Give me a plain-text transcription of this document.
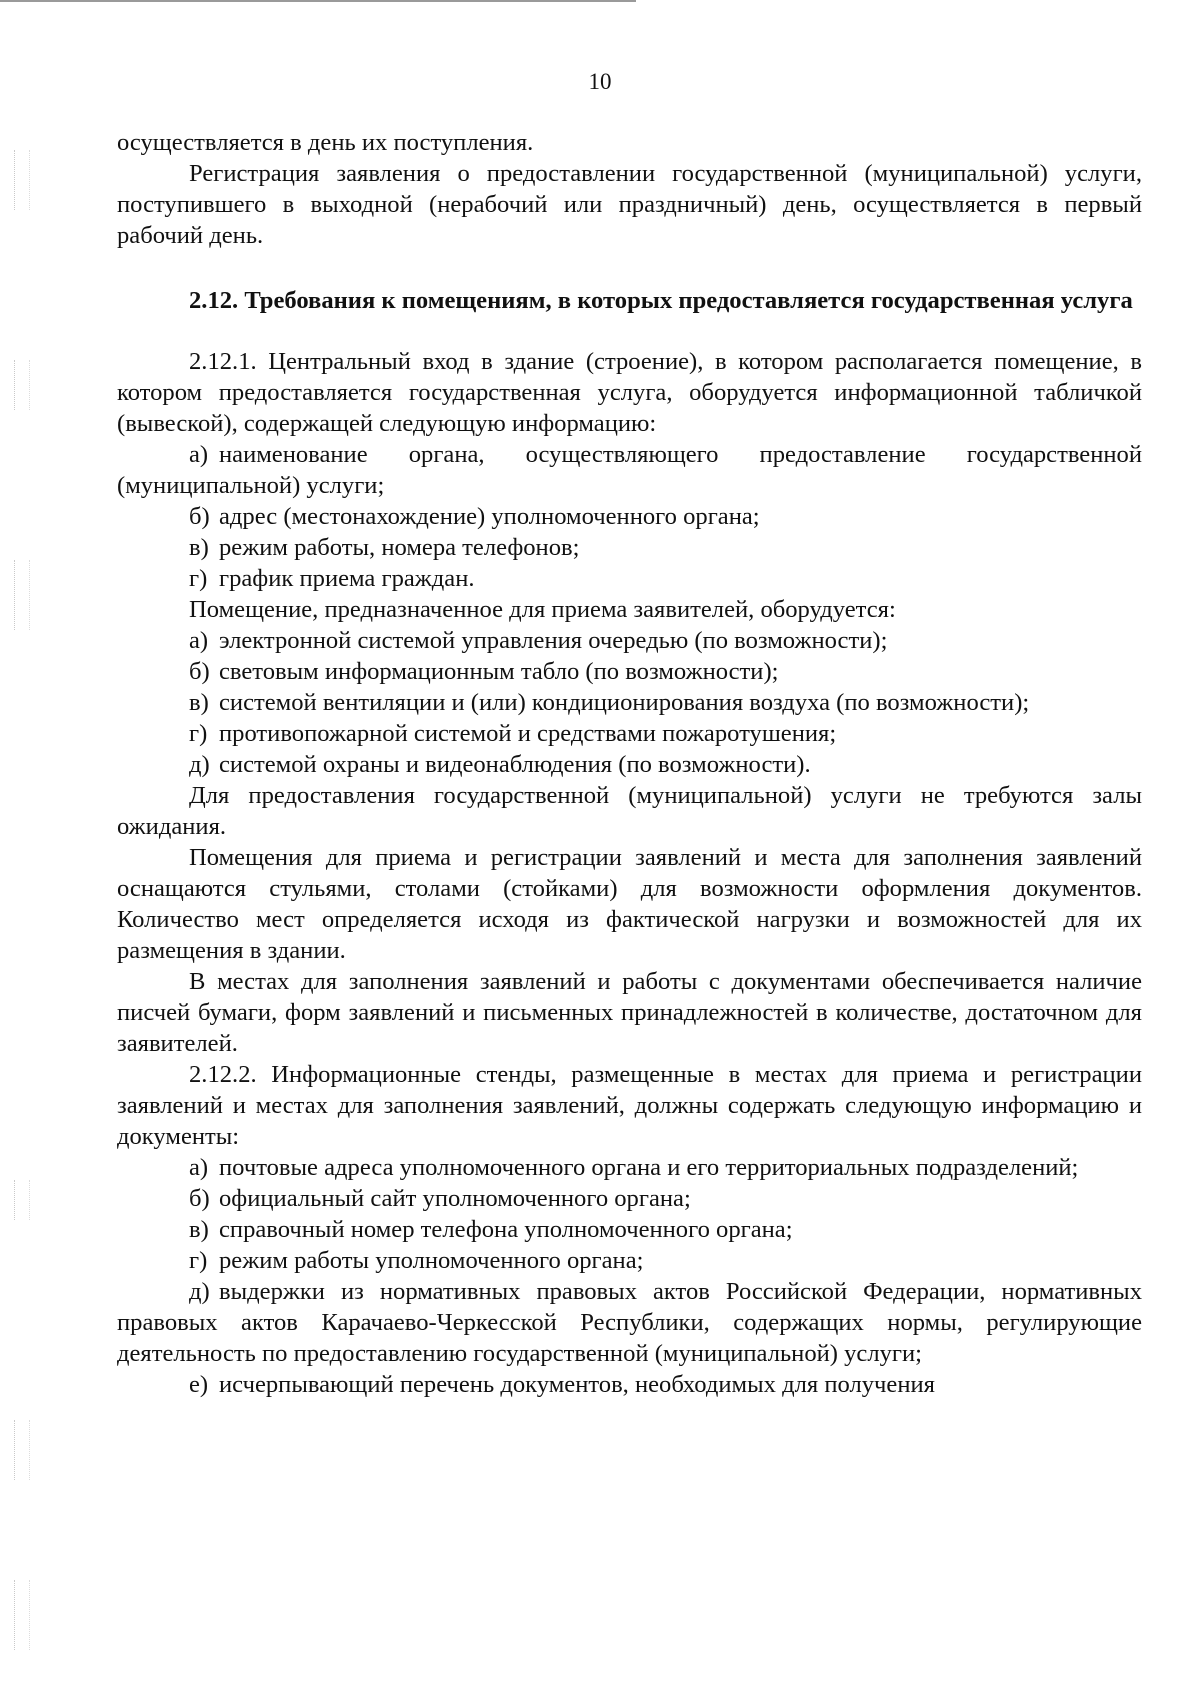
10

осуществляется в день их поступления.

Регистрация заявления о предоставлении государственной (муниципальной) услуги, поступившего в выходной (нерабочий или праздничный) день, осуществляется в первый рабочий день.

2.12. Требования к помещениям, в которых предоставляется государственная услуга

2.12.1. Центральный вход в здание (строение), в котором располагается помещение, в котором предоставляется государственная услуга, оборудуется информационной табличкой (вывеской), содержащей следующую информацию:

а) наименование органа, осуществляющего предоставление государственной (муниципальной) услуги;

б) адрес (местонахождение) уполномоченного органа;

в) режим работы, номера телефонов;

г) график приема граждан.

Помещение, предназначенное для приема заявителей, оборудуется:

а) электронной системой управления очередью (по возможности);

б) световым информационным табло (по возможности);

в) системой вентиляции и (или) кондиционирования воздуха (по возможности);

г) противопожарной системой и средствами пожаротушения;

д) системой охраны и видеонаблюдения (по возможности).

Для предоставления государственной (муниципальной) услуги не требуются залы ожидания.

Помещения для приема и регистрации заявлений и места для заполнения заявлений оснащаются стульями, столами (стойками) для возможности оформления документов. Количество мест определяется исходя из фактической нагрузки и возможностей для их размещения в здании.

В местах для заполнения заявлений и работы с документами обеспечивается наличие писчей бумаги, форм заявлений и письменных принадлежностей в количестве, достаточном для заявителей.

2.12.2. Информационные стенды, размещенные в местах для приема и регистрации заявлений и местах для заполнения заявлений, должны содержать следующую информацию и документы:

а) почтовые адреса уполномоченного органа и его территориальных подразделений;

б) официальный сайт уполномоченного органа;

в) справочный номер телефона уполномоченного органа;

г) режим работы уполномоченного органа;

д) выдержки из нормативных правовых актов Российской Федерации, нормативных правовых актов Карачаево-Черкесской Республики, содержащих нормы, регулирующие деятельность по предоставлению государственной (муниципальной) услуги;

е) исчерпывающий перечень документов, необходимых для получения
